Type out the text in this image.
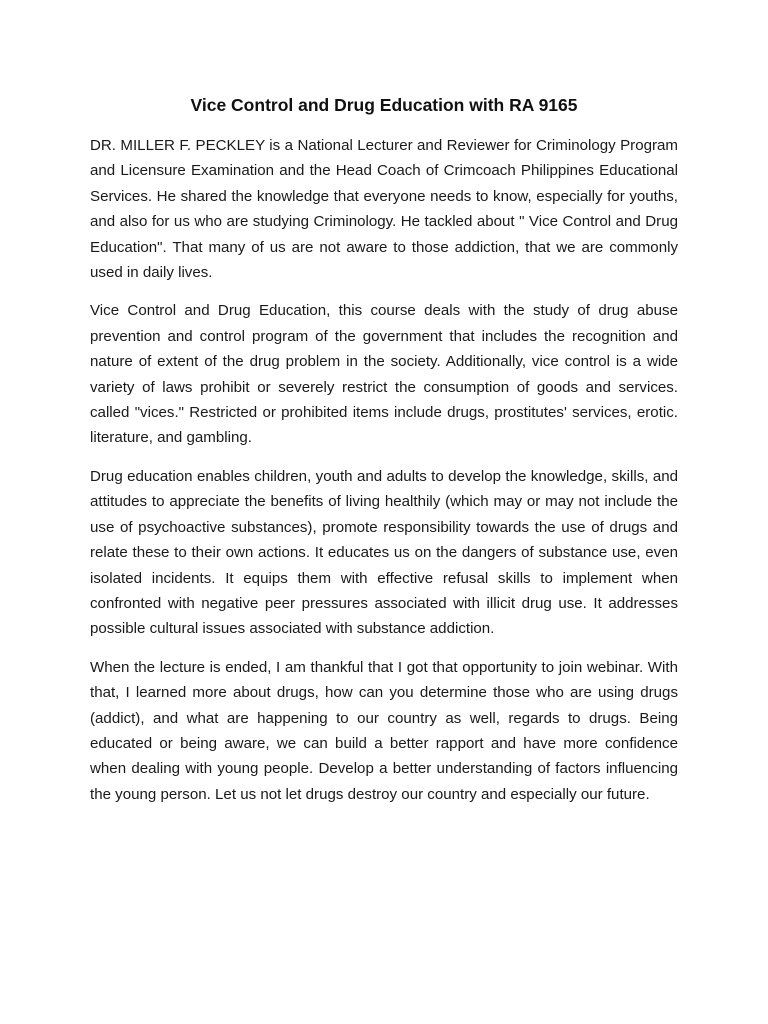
Vice Control and Drug Education with RA 9165

DR. MILLER F. PECKLEY is a National Lecturer and Reviewer for Criminology Program and Licensure Examination and the Head Coach of Crimcoach Philippines Educational Services. He shared the knowledge that everyone needs to know, especially for youths, and also for us who are studying Criminology. He tackled about " Vice Control and Drug Education". That many of us are not aware to those addiction, that we are commonly used in daily lives.

Vice Control and Drug Education, this course deals with the study of drug abuse prevention and control program of the government that includes the recognition and nature of extent of the drug problem in the society. Additionally, vice control is a wide variety of laws prohibit or severely restrict the consumption of goods and services. called "vices." Restricted or prohibited items include drugs, prostitutes' services, erotic. literature, and gambling.

Drug education enables children, youth and adults to develop the knowledge, skills, and attitudes to appreciate the benefits of living healthily (which may or may not include the use of psychoactive substances), promote responsibility towards the use of drugs and relate these to their own actions. It educates us on the dangers of substance use, even isolated incidents. It equips them with effective refusal skills to implement when confronted with negative peer pressures associated with illicit drug use. It addresses possible cultural issues associated with substance addiction.

When the lecture is ended, I am thankful that I got that opportunity to join webinar. With that, I learned more about drugs, how can you determine those who are using drugs (addict), and what are happening to our country as well, regards to drugs. Being educated or being aware, we can build a better rapport and have more confidence when dealing with young people. Develop a better understanding of factors influencing the young person. Let us not let drugs destroy our country and especially our future.
